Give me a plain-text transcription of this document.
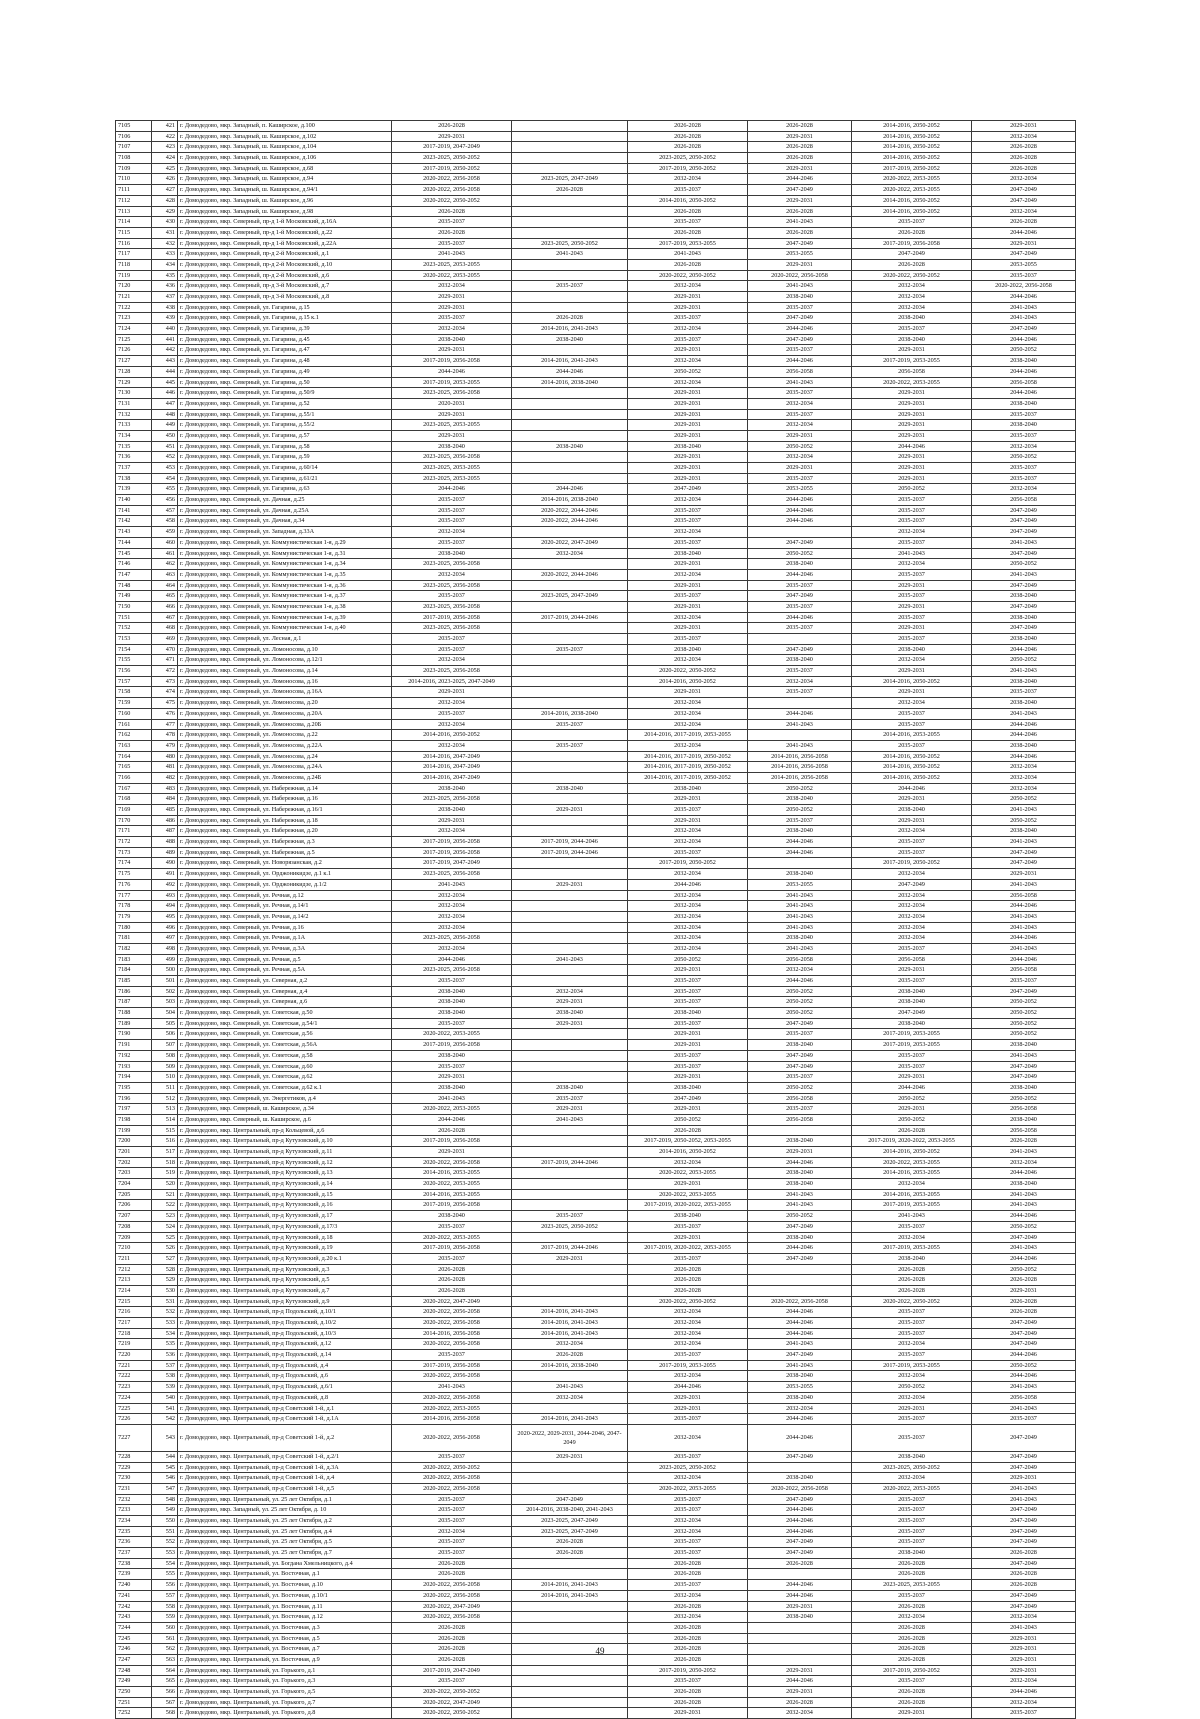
7105	421	г. Домодедово, мкр. Западный, п. Каширское, д.100	2026-2028		2026-2028	2026-2028	2014-2016, 2050-2052	2029-2031
7106	422	г. Домодедово, мкр. Западный, ш. Каширское, д.102	2029-2031		2026-2028	2029-2031	2014-2016, 2050-2052	2032-2034
7107	423	г. Домодедово, мкр. Западный, ш. Каширское, д.104	2017-2019, 2047-2049		2026-2028	2026-2028	2014-2016, 2050-2052	2026-2028
7108	424	г. Домодедово, мкр. Западный, ш. Каширское, д.106	2023-2025, 2050-2052		2023-2025, 2050-2052	2026-2028	2014-2016, 2050-2052	2026-2028
7109	425	г. Домодедово, мкр. Западный, ш. Каширское, д.68	2017-2019, 2050-2052		2017-2019, 2050-2052	2029-2031	2017-2019, 2050-2052	2026-2028
7110	426	г. Домодедово, мкр. Западный, ш. Каширское, д.94	2020-2022, 2056-2058	2023-2025, 2047-2049	2032-2034	2044-2046	2020-2022, 2053-2055	2032-2034
7111	427	г. Домодедово, мкр. Западный, ш. Каширское, д.94/1	2020-2022, 2056-2058	2026-2028	2035-2037	2047-2049	2020-2022, 2053-2055	2047-2049
7112	428	г. Домодедово, мкр. Западный, ш. Каширское, д.96	2020-2022, 2050-2052		2014-2016, 2050-2052	2029-2031	2014-2016, 2050-2052	2047-2049
7113	429	г. Домодедово, мкр. Западный, ш. Каширское, д.98	2026-2028		2026-2028	2026-2028	2014-2016, 2050-2052	2032-2034
7114	430	г. Домодедово, мкр. Северный, пр-д 1-й Московский, д.16А	2035-2037		2035-2037	2041-2043	2035-2037	2026-2028
7115	431	г. Домодедово, мкр. Северный, пр-д 1-й Московский, д.22	2026-2028		2026-2028	2026-2028	2026-2028	2044-2046
7116	432	г. Домодедово, мкр. Северный, пр-д 1-й Московский, д.22А	2035-2037	2023-2025, 2050-2052	2017-2019, 2053-2055	2047-2049	2017-2019, 2056-2058	2029-2031
7117	433	г. Домодедово, мкр. Северный, пр-д 2-й Московский, д.1	2041-2043	2041-2043	2041-2043	2053-2055	2047-2049	2047-2049
7118	434	г. Домодедово, мкр. Северный, пр-д 2-й Московский, д.10	2023-2025, 2053-2055		2026-2028	2029-2031	2026-2028	2053-2055
7119	435	г. Домодедово, мкр. Северный, пр-д 2-й Московский, д.6	2020-2022, 2053-2055		2020-2022, 2050-2052	2020-2022, 2056-2058	2020-2022, 2050-2052	2035-2037
7120	436	г. Домодедово, мкр. Северный, пр-д 3-й Московский, д.7	2032-2034	2035-2037	2032-2034	2041-2043	2032-2034	2020-2022, 2056-2058
7121	437	г. Домодедово, мкр. Северный, пр-д 3-й Московский, д.8	2029-2031		2029-2031	2038-2040	2032-2034	2044-2046
7122	438	г. Домодедово, мкр. Северный, ул. Гагарина, д.15	2029-2031		2029-2031	2035-2037	2032-2034	2041-2043
7123	439	г. Домодедово, мкр. Северный, ул. Гагарина, д.15 к.1	2035-2037	2026-2028	2035-2037	2047-2049	2038-2040	2041-2043
7124	440	г. Домодедово, мкр. Северный, ул. Гагарина, д.39	2032-2034	2014-2016, 2041-2043	2032-2034	2044-2046	2035-2037	2047-2049
7125	441	г. Домодедово, мкр. Северный, ул. Гагарина, д.45	2038-2040	2038-2040	2035-2037	2047-2049	2038-2040	2044-2046
7126	442	г. Домодедово, мкр. Северный, ул. Гагарина, д.47	2029-2031		2029-2031	2035-2037	2029-2031	2050-2052
7127	443	г. Домодедово, мкр. Северный, ул. Гагарина, д.48	2017-2019, 2056-2058	2014-2016, 2041-2043	2032-2034	2044-2046	2017-2019, 2053-2055	2038-2040
7128	444	г. Домодедово, мкр. Северный, ул. Гагарина, д.49	2044-2046	2044-2046	2050-2052	2056-2058	2056-2058	2044-2046
7129	445	г. Домодедово, мкр. Северный, ул. Гагарина, д.50	2017-2019, 2053-2055	2014-2016, 2038-2040	2032-2034	2041-2043	2020-2022, 2053-2055	2056-2058
7130	446	г. Домодедово, мкр. Северный, ул. Гагарина, д.50/9	2023-2025, 2056-2058		2029-2031	2035-2037	2029-2031	2044-2046
7131	447	г. Домодедово, мкр. Северный, ул. Гагарина, д.52	2020-2031		2029-2031	2032-2034	2029-2031	2038-2040
7132	448	г. Домодедово, мкр. Северный, ул. Гагарина, д.55/1	2029-2031		2029-2031	2035-2037	2029-2031	2035-2037
7133	449	г. Домодедово, мкр. Северный, ул. Гагарина, д.55/2	2023-2025, 2053-2055		2029-2031	2032-2034	2029-2031	2038-2040
7134	450	г. Домодедово, мкр. Северный, ул. Гагарина, д.57	2029-2031		2029-2031	2029-2031	2029-2031	2035-2037
7135	451	г. Домодедово, мкр. Северный, ул. Гагарина, д.58	2038-2040	2038-2040	2038-2040	2050-2052	2044-2046	2032-2034
7136	452	г. Домодедово, мкр. Северный, ул. Гагарина, д.59	2023-2025, 2056-2058		2029-2031	2032-2034	2029-2031	2050-2052
7137	453	г. Домодедово, мкр. Северный, ул. Гагарина, д.60/14	2023-2025, 2053-2055		2029-2031	2029-2031	2029-2031	2035-2037
7138	454	г. Домодедово, мкр. Северный, ул. Гагарина, д.61/21	2023-2025, 2053-2055		2029-2031	2035-2037	2029-2031	2035-2037
7139	455	г. Домодедово, мкр. Северный, ул. Гагарина, д.63	2044-2046	2044-2046	2047-2049	2053-2055	2050-2052	2032-2034
7140	456	г. Домодедово, мкр. Северный, ул. Дачная, д.25	2035-2037	2014-2016, 2038-2040	2032-2034	2044-2046	2035-2037	2056-2058
7141	457	г. Домодедово, мкр. Северный, ул. Дачная, д.25А	2035-2037	2020-2022, 2044-2046	2035-2037	2044-2046	2035-2037	2047-2049
7142	458	г. Домодедово, мкр. Северный, ул. Дачная, д.34	2035-2037	2020-2022, 2044-2046	2035-2037	2044-2046	2035-2037	2047-2049
7143	459	г. Домодедово, мкр. Северный, ул. Западная, д.33А	2032-2034		2032-2034		2032-2034	2047-2049
7144	460	г. Домодедово, мкр. Северный, ул. Коммунистическая 1-я, д.29	2035-2037	2020-2022, 2047-2049	2035-2037	2047-2049	2035-2037	2041-2043
7145	461	г. Домодедово, мкр. Северный, ул. Коммунистическая 1-я, д.31	2038-2040	2032-2034	2038-2040	2050-2052	2041-2043	2047-2049
7146	462	г. Домодедово, мкр. Северный, ул. Коммунистическая 1-я, д.34	2023-2025, 2056-2058		2029-2031	2038-2040	2032-2034	2050-2052
7147	463	г. Домодедово, мкр. Северный, ул. Коммунистическая 1-я, д.35	2032-2034	2020-2022, 2044-2046	2032-2034	2044-2046	2035-2037	2041-2043
7148	464	г. Домодедово, мкр. Северный, ул. Коммунистическая 1-я, д.36	2023-2025, 2056-2058		2029-2031	2035-2037	2029-2031	2047-2049
7149	465	г. Домодедово, мкр. Северный, ул. Коммунистическая 1-я, д.37	2035-2037	2023-2025, 2047-2049	2035-2037	2047-2049	2035-2037	2038-2040
7150	466	г. Домодедово, мкр. Северный, ул. Коммунистическая 1-я, д.38	2023-2025, 2056-2058		2029-2031	2035-2037	2029-2031	2047-2049
7151	467	г. Домодедово, мкр. Северный, ул. Коммунистическая 1-я, д.39	2017-2019, 2056-2058	2017-2019, 2044-2046	2032-2034	2044-2046	2035-2037	2038-2040
7152	468	г. Домодедово, мкр. Северный, ул. Коммунистическая 1-я, д.40	2023-2025, 2056-2058		2029-2031	2035-2037	2029-2031	2047-2049
7153	469	г. Домодедово, мкр. Северный, ул. Лесная, д.1	2035-2037		2035-2037		2035-2037	2038-2040
7154	470	г. Домодедово, мкр. Северный, ул. Ломоносова, д.10	2035-2037	2035-2037	2038-2040	2047-2049	2038-2040	2044-2046
7155	471	г. Домодедово, мкр. Северный, ул. Ломоносова, д.12/1	2032-2034		2032-2034	2038-2040	2032-2034	2050-2052
7156	472	г. Домодедово, мкр. Северный, ул. Ломоносова, д.14	2023-2025, 2056-2058		2020-2022, 2050-2052	2035-2037	2029-2031	2041-2043
7157	473	г. Домодедово, мкр. Северный, ул. Ломоносова, д.16	2014-2016, 2023-2025, 2047-2049		2014-2016, 2050-2052	2032-2034	2014-2016, 2050-2052	2038-2040
7158	474	г. Домодедово, мкр. Северный, ул. Ломоносова, д.16А	2029-2031		2029-2031	2035-2037	2029-2031	2035-2037
7159	475	г. Домодедово, мкр. Северный, ул. Ломоносова, д.20	2032-2034		2032-2034		2032-2034	2038-2040
7160	476	г. Домодедово, мкр. Северный, ул. Ломоносова, д.20А	2035-2037	2014-2016, 2038-2040	2032-2034	2044-2046	2035-2037	2041-2043
7161	477	г. Домодедово, мкр. Северный, ул. Ломоносова, д.20Б	2032-2034	2035-2037	2032-2034	2041-2043	2035-2037	2044-2046
7162	478	г. Домодедово, мкр. Северный, ул. Ломоносова, д.22	2014-2016, 2050-2052		2014-2016, 2017-2019, 2053-2055		2014-2016, 2053-2055	2044-2046
7163	479	г. Домодедово, мкр. Северный, ул. Ломоносова, д.22А	2032-2034	2035-2037	2032-2034	2041-2043	2035-2037	2038-2040
7164	480	г. Домодедово, мкр. Северный, ул. Ломоносова, д.24	2014-2016, 2047-2049		2014-2016, 2017-2019, 2050-2052	2014-2016, 2056-2058	2014-2016, 2050-2052	2044-2046
7165	481	г. Домодедово, мкр. Северный, ул. Ломоносова, д.24А	2014-2016, 2047-2049		2014-2016, 2017-2019, 2050-2052	2014-2016, 2056-2058	2014-2016, 2050-2052	2032-2034
7166	482	г. Домодедово, мкр. Северный, ул. Ломоносова, д.24Б	2014-2016, 2047-2049		2014-2016, 2017-2019, 2050-2052	2014-2016, 2056-2058	2014-2016, 2050-2052	2032-2034
7167	483	г. Домодедово, мкр. Северный, ул. Набережная, д.14	2038-2040	2038-2040	2038-2040	2050-2052	2044-2046	2032-2034
7168	484	г. Домодедово, мкр. Северный, ул. Набережная, д.16	2023-2025, 2056-2058		2029-2031	2038-2040	2029-2031	2050-2052
7169	485	г. Домодедово, мкр. Северный, ул. Набережная, д.16/1	2038-2040	2029-2031	2035-2037	2050-2052	2038-2040	2041-2043
7170	486	г. Домодедово, мкр. Северный, ул. Набережная, д.18	2029-2031		2029-2031	2035-2037	2029-2031	2050-2052
7171	487	г. Домодедово, мкр. Северный, ул. Набережная, д.20	2032-2034		2032-2034	2038-2040	2032-2034	2038-2040
7172	488	г. Домодедово, мкр. Северный, ул. Набережная, д.3	2017-2019, 2056-2058	2017-2019, 2044-2046	2032-2034	2044-2046	2035-2037	2041-2043
7173	489	г. Домодедово, мкр. Северный, ул. Набережная, д.5	2017-2019, 2056-2058	2017-2019, 2044-2046	2035-2037	2044-2046	2035-2037	2047-2049
7174	490	г. Домодедово, мкр. Северный, ул. Новорязанская, д.2	2017-2019, 2047-2049		2017-2019, 2050-2052		2017-2019, 2050-2052	2047-2049
7175	491	г. Домодедово, мкр. Северный, ул. Орджоникидзе, д.1 к.1	2023-2025, 2056-2058		2032-2034	2038-2040	2032-2034	2029-2031
7176	492	г. Домодедово, мкр. Северный, ул. Орджоникидзе, д.1/2	2041-2043	2029-2031	2044-2046	2053-2055	2047-2049	2041-2043
7177	493	г. Домодедово, мкр. Северный, ул. Речная, д.12	2032-2034		2032-2034	2041-2043	2032-2034	2056-2058
7178	494	г. Домодедово, мкр. Северный, ул. Речная, д.14/1	2032-2034		2032-2034	2041-2043	2032-2034	2044-2046
7179	495	г. Домодедово, мкр. Северный, ул. Речная, д.14/2	2032-2034		2032-2034	2041-2043	2032-2034	2041-2043
7180	496	г. Домодедово, мкр. Северный, ул. Речная, д.16	2032-2034		2032-2034	2041-2043	2032-2034	2041-2043
7181	497	г. Домодедово, мкр. Северный, ул. Речная, д.1А	2023-2025, 2056-2058		2032-2034	2038-2040	2032-2034	2044-2046
7182	498	г. Домодедово, мкр. Северный, ул. Речная, д.3А	2032-2034		2032-2034	2041-2043	2035-2037	2041-2043
7183	499	г. Домодедово, мкр. Северный, ул. Речная, д.5	2044-2046	2041-2043	2050-2052	2056-2058	2056-2058	2044-2046
7184	500	г. Домодедово, мкр. Северный, ул. Речная, д.5А	2023-2025, 2056-2058		2029-2031	2032-2034	2029-2031	2056-2058
7185	501	г. Домодедово, мкр. Северный, ул. Северная, д.2	2035-2037		2035-2037	2044-2046	2035-2037	2035-2037
7186	502	г. Домодедово, мкр. Северный, ул. Северная, д.4	2038-2040	2032-2034	2035-2037	2050-2052	2038-2040	2047-2049
7187	503	г. Домодедово, мкр. Северный, ул. Северная, д.6	2038-2040	2029-2031	2035-2037	2050-2052	2038-2040	2050-2052
7188	504	г. Домодедово, мкр. Северный, ул. Советская, д.50	2038-2040	2038-2040	2038-2040	2050-2052	2047-2049	2050-2052
7189	505	г. Домодедово, мкр. Северный, ул. Советская, д.54/1	2035-2037	2029-2031	2035-2037	2047-2049	2038-2040	2050-2052
7190	506	г. Домодедово, мкр. Северный, ул. Советская, д.56	2020-2022, 2053-2055		2029-2031	2035-2037	2017-2019, 2053-2055	2050-2052
7191	507	г. Домодедово, мкр. Северный, ул. Советская, д.56А	2017-2019, 2056-2058		2029-2031	2038-2040	2017-2019, 2053-2055	2038-2040
7192	508	г. Домодедово, мкр. Северный, ул. Советская, д.58	2038-2040		2035-2037	2047-2049	2035-2037	2041-2043
7193	509	г. Домодедово, мкр. Северный, ул. Советская, д.60	2035-2037		2035-2037	2047-2049	2035-2037	2047-2049
7194	510	г. Домодедово, мкр. Северный, ул. Советская, д.62	2029-2031		2029-2031	2035-2037	2029-2031	2047-2049
7195	511	г. Домодедово, мкр. Северный, ул. Советская, д.62 к.1	2038-2040	2038-2040	2038-2040	2050-2052	2044-2046	2038-2040
7196	512	г. Домодедово, мкр. Северный, ул. Энергетиков, д.4	2041-2043	2035-2037	2047-2049	2056-2058	2050-2052	2050-2052
7197	513	г. Домодедово, мкр. Северный, ш. Каширское, д.34	2020-2022, 2053-2055	2029-2031	2029-2031	2035-2037	2029-2031	2056-2058
7198	514	г. Домодедово, мкр. Северный, ш. Каширское, д.6	2044-2046	2041-2043	2050-2052	2056-2058	2050-2052	2038-2040
7199	515	г. Домодедово, мкр. Центральный, пр-д Кольцевой, д.6	2026-2028		2026-2028		2026-2028	2056-2058
7200	516	г. Домодедово, мкр. Центральный, пр-д Кутузовский, д.10	2017-2019, 2056-2058		2017-2019, 2050-2052, 2053-2055	2038-2040	2017-2019, 2020-2022, 2053-2055	2026-2028
7201	517	г. Домодедово, мкр. Центральный, пр-д Кутузовский, д.11	2029-2031		2014-2016, 2050-2052	2029-2031	2014-2016, 2050-2052	2041-2043
7202	518	г. Домодедово, мкр. Центральный, пр-д Кутузовский, д.12	2020-2022, 2056-2058	2017-2019, 2044-2046	2032-2034	2044-2046	2020-2022, 2053-2055	2032-2034
7203	519	г. Домодедово, мкр. Центральный, пр-д Кутузовский, д.13	2014-2016, 2053-2055		2020-2022, 2053-2055	2038-2040	2014-2016, 2053-2055	2044-2046
7204	520	г. Домодедово, мкр. Центральный, пр-д Кутузовский, д.14	2020-2022, 2053-2055		2029-2031	2038-2040	2032-2034	2038-2040
7205	521	г. Домодедово, мкр. Центральный, пр-д Кутузовский, д.15	2014-2016, 2053-2055		2020-2022, 2053-2055	2041-2043	2014-2016, 2053-2055	2041-2043
7206	522	г. Домодедово, мкр. Центральный, пр-д Кутузовский, д.16	2017-2019, 2056-2058		2017-2019, 2020-2022, 2053-2055	2041-2043	2017-2019, 2053-2055	2041-2043
7207	523	г. Домодедово, мкр. Центральный, пр-д Кутузовский, д.17	2038-2040	2035-2037	2038-2040	2050-2052	2041-2043	2044-2046
7208	524	г. Домодедово, мкр. Центральный, пр-д Кутузовский, д.17/3	2035-2037	2023-2025, 2050-2052	2035-2037	2047-2049	2035-2037	2050-2052
7209	525	г. Домодедово, мкр. Центральный, пр-д Кутузовский, д.18	2020-2022, 2053-2055		2029-2031	2038-2040	2032-2034	2047-2049
7210	526	г. Домодедово, мкр. Центральный, пр-д Кутузовский, д.19	2017-2019, 2056-2058	2017-2019, 2044-2046	2017-2019, 2020-2022, 2053-2055	2044-2046	2017-2019, 2053-2055	2041-2043
7211	527	г. Домодедово, мкр. Центральный, пр-д Кутузовский, д.20 к.1	2035-2037	2029-2031	2035-2037	2047-2049	2038-2040	2044-2046
7212	528	г. Домодедово, мкр. Центральный, пр-д Кутузовский, д.3	2026-2028		2026-2028		2026-2028	2050-2052
7213	529	г. Домодедово, мкр. Центральный, пр-д Кутузовский, д.5	2026-2028		2026-2028		2026-2028	2026-2028
7214	530	г. Домодедово, мкр. Центральный, пр-д Кутузовский, д.7	2026-2028		2026-2028		2026-2028	2029-2031
7215	531	г. Домодедово, мкр. Центральный, пр-д Кутузовский, д.9	2020-2022, 2047-2049		2020-2022, 2050-2052	2020-2022, 2056-2058	2020-2022, 2050-2052	2026-2028
7216	532	г. Домодедово, мкр. Центральный, пр-д Подольский, д.10/1	2020-2022, 2056-2058	2014-2016, 2041-2043	2032-2034	2044-2046	2035-2037	2026-2028
7217	533	г. Домодедово, мкр. Центральный, пр-д Подольский, д.10/2	2020-2022, 2056-2058	2014-2016, 2041-2043	2032-2034	2044-2046	2035-2037	2047-2049
7218	534	г. Домодедово, мкр. Центральный, пр-д Подольский, д.10/3	2014-2016, 2056-2058	2014-2016, 2041-2043	2032-2034	2044-2046	2035-2037	2047-2049
7219	535	г. Домодедово, мкр. Центральный, пр-д Подольский, д.12	2020-2022, 2056-2058	2032-2034	2032-2034	2041-2043	2032-2034	2047-2049
7220	536	г. Домодедово, мкр. Центральный, пр-д Подольский, д.14	2035-2037	2026-2028	2035-2037	2047-2049	2035-2037	2044-2046
7221	537	г. Домодедово, мкр. Центральный, пр-д Подольский, д.4	2017-2019, 2056-2058	2014-2016, 2038-2040	2017-2019, 2053-2055	2041-2043	2017-2019, 2053-2055	2050-2052
7222	538	г. Домодедово, мкр. Центральный, пр-д Подольский, д.6	2020-2022, 2056-2058		2032-2034	2038-2040	2032-2034	2044-2046
7223	539	г. Домодедово, мкр. Центральный, пр-д Подольский, д.6/1	2041-2043	2041-2043	2044-2046	2053-2055	2050-2052	2041-2043
7224	540	г. Домодедово, мкр. Центральный, пр-д Подольский, д.8	2020-2022, 2056-2058	2032-2034	2029-2031	2038-2040	2032-2034	2056-2058
7225	541	г. Домодедово, мкр. Центральный, пр-д Советский 1-й, д.1	2020-2022, 2053-2055		2029-2031	2032-2034	2029-2031	2041-2043
7226	542	г. Домодедово, мкр. Центральный, пр-д Советский 1-й, д.1А	2014-2016, 2056-2058	2014-2016, 2041-2043	2035-2037	2044-2046	2035-2037	2035-2037
7227	543	г. Домодедово, мкр. Центральный, пр-д Советский 1-й, д.2	2020-2022, 2056-2058	2020-2022, 2029-2031, 2044-2046, 2047-2049	2032-2034	2044-2046	2035-2037	2047-2049
7228	544	г. Домодедово, мкр. Центральный, пр-д Советский 1-й, д.2/1	2035-2037	2029-2031	2035-2037	2047-2049	2038-2040	2047-2049
7229	545	г. Домодедово, мкр. Центральный, пр-д Советский 1-й, д.3А	2020-2022, 2050-2052		2023-2025, 2050-2052		2023-2025, 2050-2052	2047-2049
7230	546	г. Домодедово, мкр. Центральный, пр-д Советский 1-й, д.4	2020-2022, 2056-2058		2032-2034	2038-2040	2032-2034	2029-2031
7231	547	г. Домодедово, мкр. Центральный, пр-д Советский 1-й, д.5	2020-2022, 2056-2058		2020-2022, 2053-2055	2020-2022, 2056-2058	2020-2022, 2053-2055	2041-2043
7232	548	г. Домодедово, мкр. Центральный, ул. 25 лет Октября, д.1	2035-2037	2047-2049	2035-2037	2047-2049	2035-2037	2041-2043
7233	549	г. Домодедово, мкр. Западный, ул. 25 лет Октября, д. 10	2035-2037	2014-2016, 2038-2040, 2041-2043	2035-2037	2044-2046	2035-2037	2047-2049
7234	550	г. Домодедово, мкр. Центральный, ул. 25 лет Октября, д.2	2035-2037	2023-2025, 2047-2049	2032-2034	2044-2046	2035-2037	2047-2049
7235	551	г. Домодедово, мкр. Центральный, ул. 25 лет Октября, д.4	2032-2034	2023-2025, 2047-2049	2032-2034	2044-2046	2035-2037	2047-2049
7236	552	г. Домодедово, мкр. Центральный, ул. 25 лет Октября, д.5	2035-2037	2026-2028	2035-2037	2047-2049	2035-2037	2047-2049
7237	553	г. Домодедово, мкр. Центральный, ул. 25 лет Октября, д.7	2035-2037	2026-2028	2035-2037	2047-2049	2038-2040	2026-2028
7238	554	г. Домодедово, мкр. Центральный, ул. Богдана Хмельницкого, д.4	2026-2028		2026-2028	2026-2028	2026-2028	2047-2049
7239	555	г. Домодедово, мкр. Центральный, ул. Восточная, д.1	2026-2028		2026-2028		2026-2028	2026-2028
7240	556	г. Домодедово, мкр. Центральный, ул. Восточная, д.10	2020-2022, 2056-2058	2014-2016, 2041-2043	2035-2037	2044-2046	2023-2025, 2053-2055	2026-2028
7241	557	г. Домодедово, мкр. Центральный, ул. Восточная, д.10/1	2020-2022, 2056-2058	2014-2016, 2041-2043	2032-2034	2044-2046	2035-2037	2047-2049
7242	558	г. Домодедово, мкр. Центральный, ул. Восточная, д.11	2020-2022, 2047-2049		2026-2028	2029-2031	2026-2028	2047-2049
7243	559	г. Домодедово, мкр. Центральный, ул. Восточная, д.12	2020-2022, 2056-2058		2032-2034	2038-2040	2032-2034	2032-2034
7244	560	г. Домодедово, мкр. Центральный, ул. Восточная, д.3	2026-2028		2026-2028		2026-2028	2041-2043
7245	561	г. Домодедово, мкр. Центральный, ул. Восточная, д.5	2026-2028		2026-2028		2026-2028	2029-2031
7246	562	г. Домодедово, мкр. Центральный, ул. Восточная, д.7	2026-2028		2026-2028		2026-2028	2029-2031
7247	563	г. Домодедово, мкр. Центральный, ул. Восточная, д.9	2026-2028		2026-2028		2026-2028	2029-2031
7248	564	г. Домодедово, мкр. Центральный, ул. Горького, д.1	2017-2019, 2047-2049		2017-2019, 2050-2052	2029-2031	2017-2019, 2050-2052	2029-2031
7249	565	г. Домодедово, мкр. Центральный, ул. Горького, д.3	2035-2037		2035-2037	2044-2046	2035-2037	2032-2034
7250	566	г. Домодедово, мкр. Центральный, ул. Горького, д.5	2020-2022, 2050-2052		2026-2028	2029-2031	2026-2028	2044-2046
7251	567	г. Домодедово, мкр. Центральный, ул. Горького, д.7	2020-2022, 2047-2049		2026-2028	2026-2028	2026-2028	2032-2034
7252	568	г. Домодедово, мкр. Центральный, ул. Горького, д.8	2020-2022, 2050-2052		2029-2031	2032-2034	2029-2031	2035-2037
49
